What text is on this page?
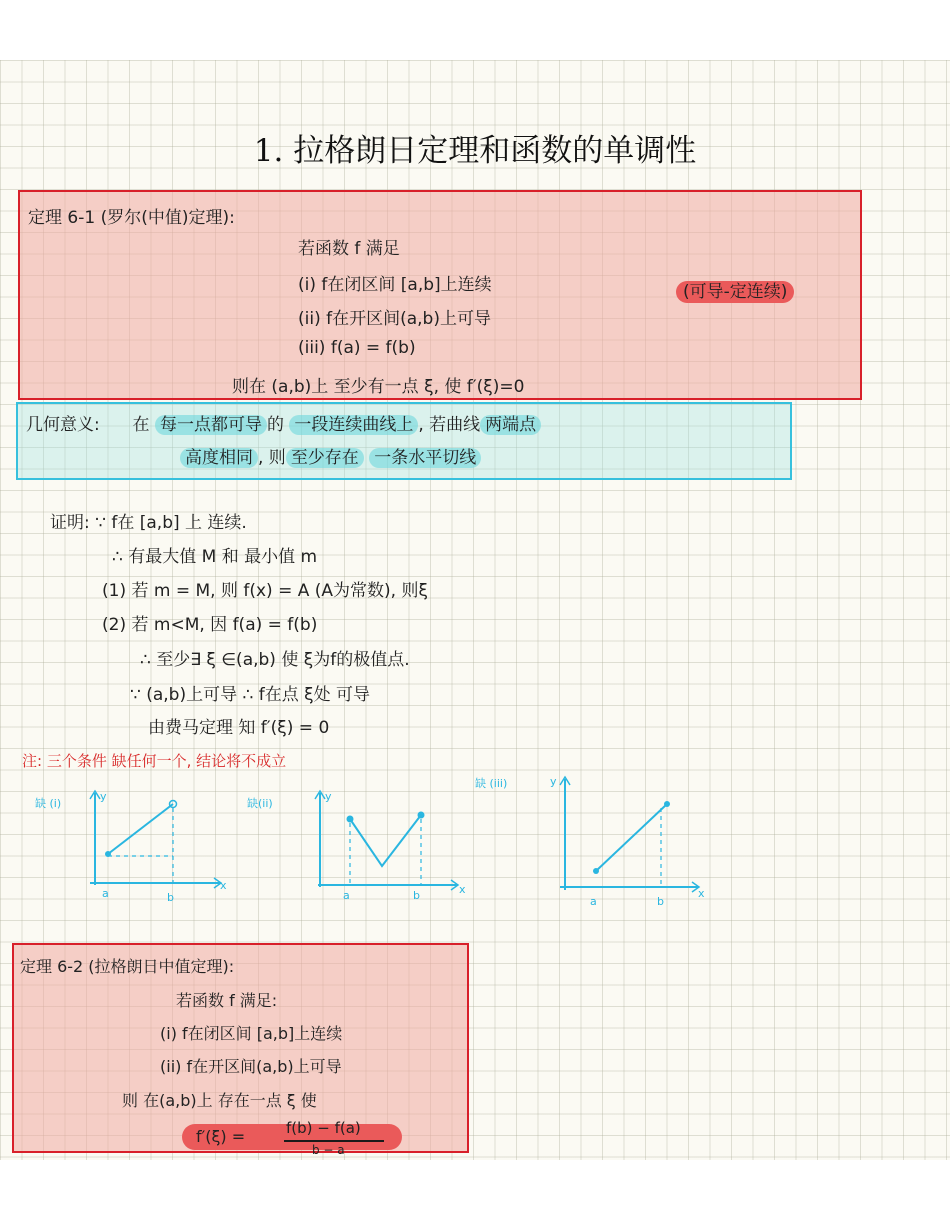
1. 拉格朗日定理和函数的单调性
定理 6-1 (罗尔(中值)定理):
若函数 f 满足
(i) f在闭区间 [a,b]上连续
(ii) f在开区间(a,b)上可导
(iii) f(a) = f(b)
则在 (a,b)上 至少有一点 ξ, 使 f′(ξ)=0
(可导-定连续)
几何意义: 在 每一点都可导 的 一段连续曲线上 , 若曲线 两端点
高度相同 , 则 至少存在 一条水平切线
证明: ∵ f在 [a,b] 上 连续.
∴ 有最大值 M 和 最小值 m
(1) 若 m = M, 则 f(x) = A (A为常数), 则ξ
(2) 若 m<M, 因 f(a) = f(b)
∴ 至少∃ ξ ∈(a,b) 使 ξ为f的极值点.
∵ (a,b)上可导 ∴ f在点 ξ处 可导
由费马定理 知 f′(ξ) = 0
注: 三个条件 缺任何一个, 结论将不成立
缺 (i)
y
x
a	b
缺(ii)
y
x
a	b
缺 (iii)	y
x
a	b
定理 6-2 (拉格朗日中值定理):
若函数 f 满足:
(i) f在闭区间 [a,b]上连续
(ii) f在开区间(a,b)上可导
则 在(a,b)上 存在一点 ξ 使
f′(ξ) =	f(b) − f(a)
b − a
